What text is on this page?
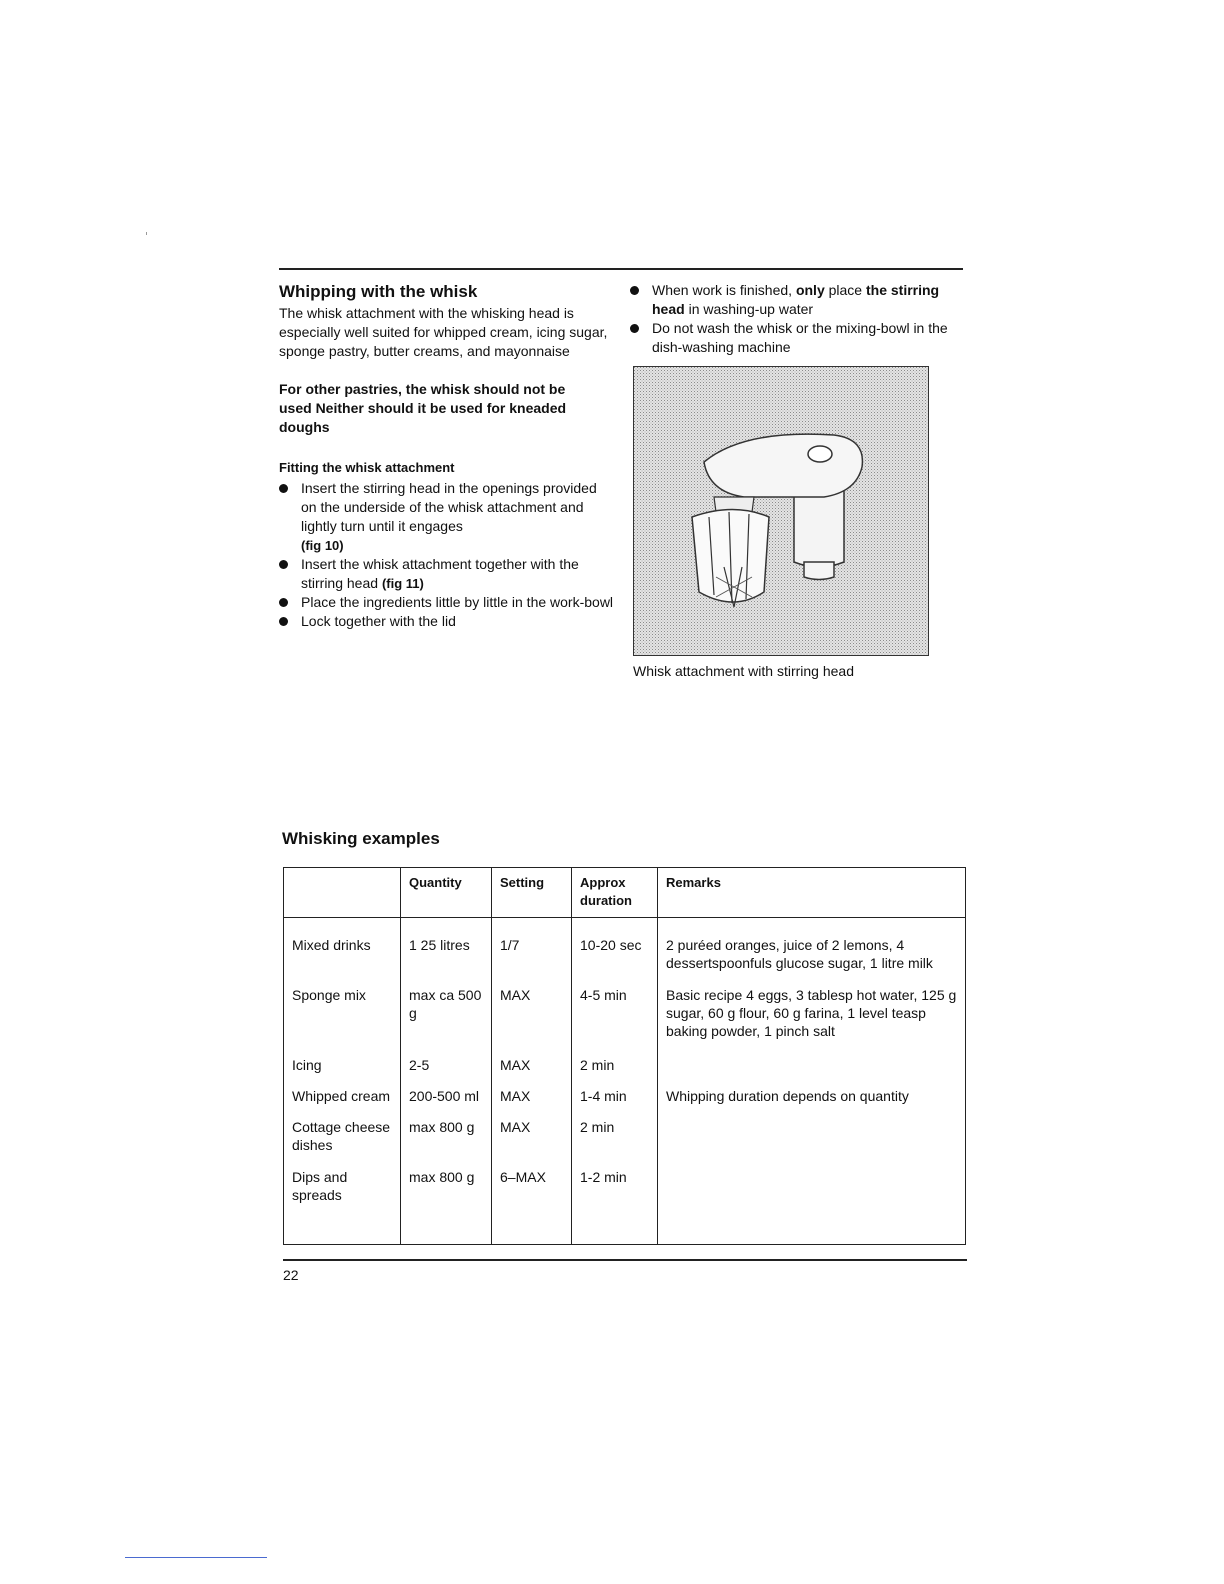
Whipping with the whisk
The whisk attachment with the whisking head is especially well suited for whipped cream, icing sugar, sponge pastry, butter creams, and mayonnaise
For other pastries, the whisk should not be used Neither should it be used for kneaded doughs
Fitting the whisk attachment
Insert the stirring head in the openings provided on the underside of the whisk attachment and lightly turn until it engages
(fig 10)
Insert the whisk attachment together with the stirring head (fig 11)
Place the ingredients little by little in the work-bowl
Lock together with the lid
When work is finished, only place the stirring head in washing-up water
Do not wash the whisk or the mixing-bowl in the dish-washing machine
Whisk attachment with stirring head
Whisking examples
	Quantity	Setting	Approx duration	Remarks
Mixed drinks	1 25 litres	1/7	10-20 sec	2 puréed oranges, juice of 2 lemons, 4 dessertspoonfuls glucose sugar, 1 litre milk
Sponge mix	max ca 500 g	MAX	4-5 min	Basic recipe 4 eggs, 3 tablesp hot water, 125 g sugar, 60 g flour, 60 g farina, 1 level teasp baking powder, 1 pinch salt
Icing	2-5	MAX	2 min	
Whipped cream	200-500 ml	MAX	1-4 min	Whipping duration depends on quantity
Cottage cheese dishes	max 800 g	MAX	2 min	
Dips and spreads	max 800 g	6–MAX	1-2 min	
22
